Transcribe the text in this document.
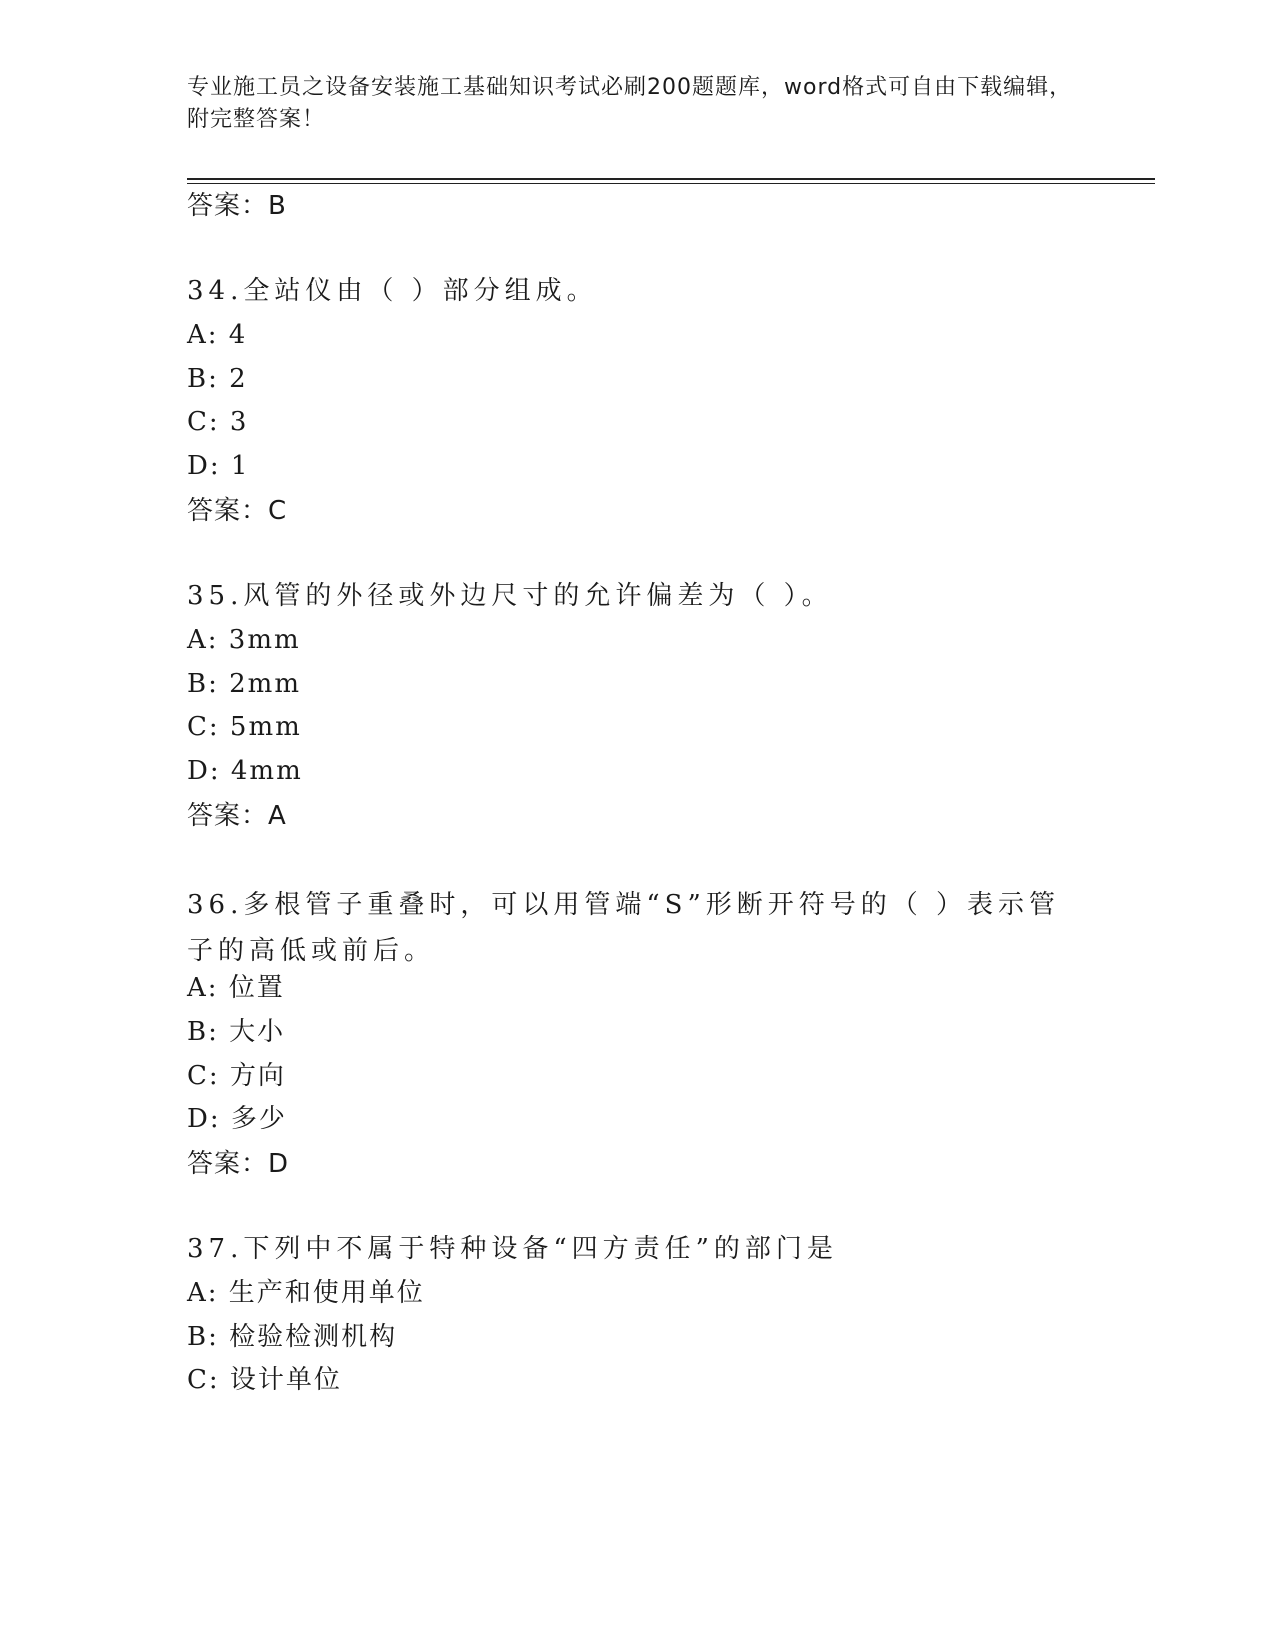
专业施工员之设备安装施工基础知识考试必刷200题题库，word格式可自由下载编辑，附完整答案！
答案：B
34.全站仪由（ ）部分组成。
A: 4
B: 2
C: 3
D: 1
答案：C
35.风管的外径或外边尺寸的允许偏差为（ ）。
A: 3mm
B: 2mm
C: 5mm
D: 4mm
答案：A
36.多根管子重叠时，可以用管端“S”形断开符号的（ ）表示管子的高低或前后。
A: 位置
B: 大小
C: 方向
D: 多少
答案：D
37.下列中不属于特种设备“四方责任”的部门是
A: 生产和使用单位
B: 检验检测机构
C: 设计单位
